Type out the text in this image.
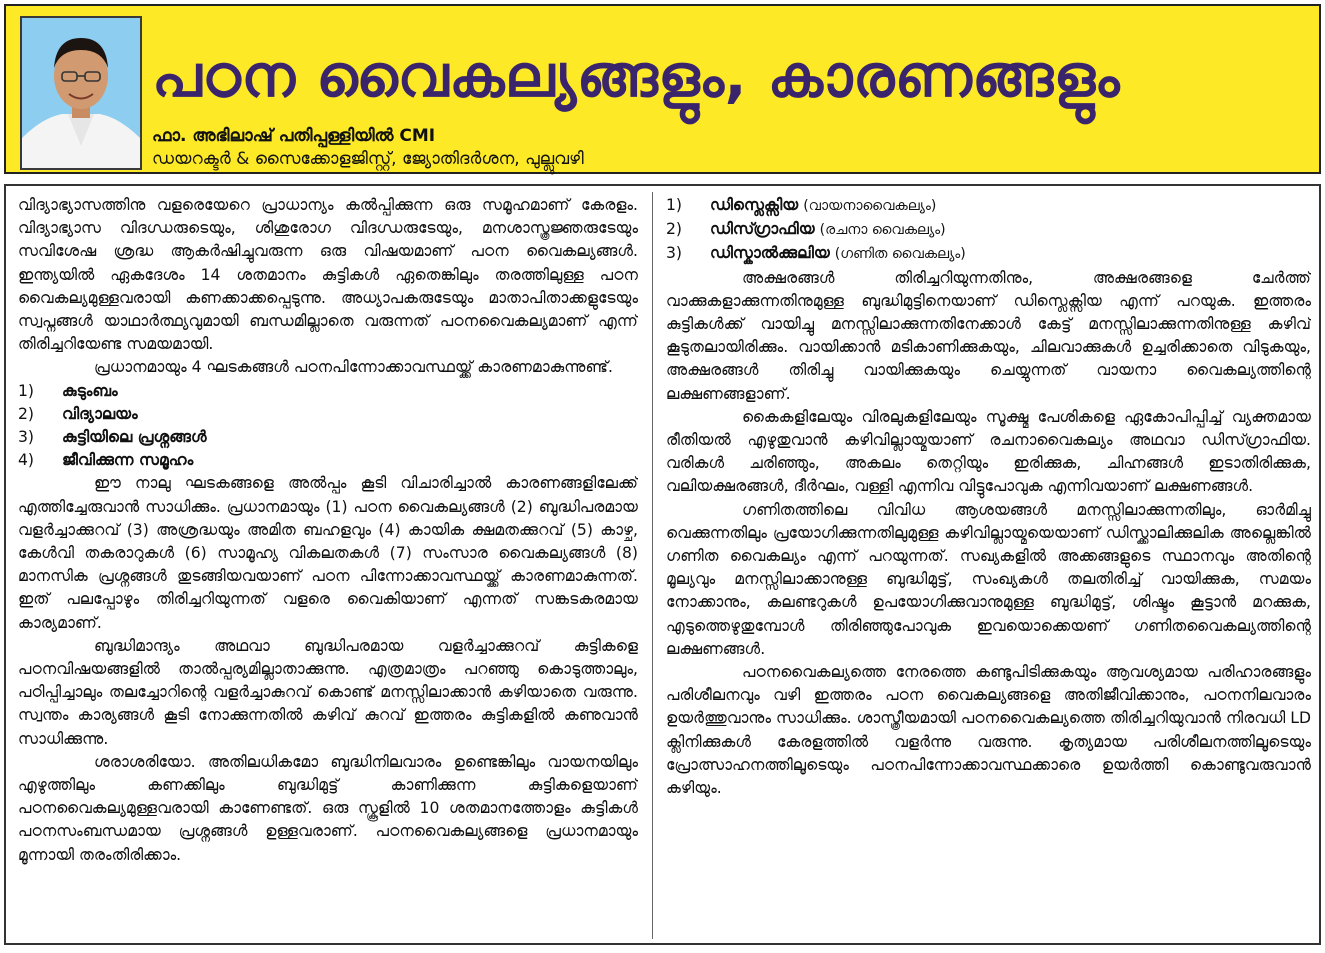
പഠന വൈകല്യങ്ങളും, കാരണങ്ങളും
ഫാ. അഭിലാഷ് പതിപ്പള്ളിയിൽ CMI
ഡയറക്ടർ & സൈക്കോളജിസ്റ്റ്, ജ്യോതിദർശന, പുല്ലുവഴി

വിദ്യാഭ്യാസത്തിനു വളരെയേറെ പ്രാധാന്യം കൽപ്പിക്കുന്ന ഒരു സമൂഹമാണ് കേരളം. വിദ്യാഭ്യാസ വിദഗ്ധരുടെയും, ശിശുരോഗ വിദഗ്ധരുടേയും, മനശാസ്ത്രജ്ഞരുടേയും സവിശേഷ ശ്രദ്ധ ആകർഷിച്ചുവരുന്ന ഒരു വിഷയമാണ് പഠന വൈകല്യങ്ങൾ. ഇന്ത്യയിൽ ഏകദേശം 14 ശതമാനം കുട്ടികൾ ഏതെങ്കിലും തരത്തിലുള്ള പഠന വൈകല്യമുള്ളവരായി കണക്കാക്കപ്പെടുന്നു. അധ്യാപകരുടേയും മാതാപിതാക്കളുടേയും സ്വപ്നങ്ങൾ യാഥാർത്ഥ്യവുമായി ബന്ധമില്ലാതെ വരുന്നത് പഠനവൈകല്യമാണ് എന്ന് തിരിച്ചറിയേണ്ട സമയമായി.

പ്രധാനമായും 4 ഘടകങ്ങൾ പഠനപിന്നോക്കാവസ്ഥയ്ക്ക് കാരണമാകുന്നുണ്ട്.

1)	കുടുംബം
2)	വിദ്യാലയം
3)	കുട്ടിയിലെ പ്രശ്നങ്ങൾ
4)	ജീവിക്കുന്ന സമൂഹം

ഈ നാലു ഘടകങ്ങളെ അൽപ്പം കൂടി വിചാരിച്ചാൽ കാരണങ്ങളിലേക്ക് എത്തിച്ചേരുവാൻ സാധിക്കും. പ്രധാനമായും (1) പഠന വൈകല്യങ്ങൾ (2) ബുദ്ധിപരമായ വളർച്ചാക്കുറവ് (3) അശ്രദ്ധയും അമിത ബഹളവും (4) കായിക ക്ഷമതക്കുറവ് (5) കാഴ്ച, കേൾവി തകരാറുകൾ (6) സാമൂഹ്യ വികലതകൾ (7) സംസാര വൈകല്യങ്ങൾ (8) മാനസിക പ്രശ്നങ്ങൾ തുടങ്ങിയവയാണ് പഠന പിന്നോക്കാവസ്ഥയ്ക്ക് കാരണമാകുന്നത്. ഇത് പലപ്പോഴും തിരിച്ചറിയുന്നത് വളരെ വൈകിയാണ് എന്നത് സങ്കടകരമായ കാര്യമാണ്.

ബുദ്ധിമാന്ദ്യം അഥവാ ബുദ്ധിപരമായ വളർച്ചാക്കുറവ് കുട്ടികളെ പഠനവിഷയങ്ങളിൽ താൽപ്പര്യമില്ലാതാക്കുന്നു. എത്രമാത്രം പറഞ്ഞു കൊടുത്താലും, പഠിപ്പിച്ചാലും തലച്ചോറിന്റെ വളർച്ചാകുറവ് കൊണ്ട് മനസ്സിലാക്കാൻ കഴിയാതെ വരുന്നു. സ്വന്തം കാര്യങ്ങൾ കൂടി നോക്കുന്നതിൽ കഴിവ് കുറവ് ഇത്തരം കുട്ടികളിൽ കണുവാൻ സാധിക്കുന്നു.

ശരാശരിയോ. അതിലധികമോ ബുദ്ധിനിലവാരം ഉണ്ടെങ്കിലും വായനയിലും എഴുത്തിലും കണക്കിലും ബുദ്ധിമുട്ട് കാണിക്കുന്ന കുട്ടികളെയാണ് പഠനവൈകല്യമുള്ളവരായി കാണേണ്ടത്. ഒരു സ്കൂളിൽ 10 ശതമാനത്തോളം കുട്ടികൾ പഠനസംബന്ധമായ പ്രശ്നങ്ങൾ ഉള്ളവരാണ്. പഠനവൈകല്യങ്ങളെ പ്രധാനമായും മൂന്നായി തരംതിരിക്കാം.

1)	ഡിസ്ലെക്സിയ (വായനാവൈകല്യം)
2)	ഡിസ്ഗ്രാഫിയ (രചനാ വൈകല്യം)
3)	ഡിസ്കാൽക്കുലിയ (ഗണിത വൈകല്യം)

അക്ഷരങ്ങൾ തിരിച്ചറിയുന്നതിനും, അക്ഷരങ്ങളെ ചേർത്ത് വാക്കുകളാക്കുന്നതിനുമുള്ള ബുദ്ധിമുട്ടിനെയാണ് ഡിസ്ലെക്സിയ എന്ന് പറയുക. ഇത്തരം കുട്ടികൾക്ക് വായിച്ചു മനസ്സിലാക്കുന്നതിനേക്കാൾ കേട്ട് മനസ്സിലാക്കുന്നതിനുള്ള കഴിവ് കൂടുതലായിരിക്കും. വായിക്കാൻ മടികാണിക്കുകയും, ചിലവാക്കുകൾ ഉച്ചരിക്കാതെ വിടുകയും, അക്ഷരങ്ങൾ തിരിച്ചു വായിക്കുകയും ചെയ്യുന്നത് വായനാ വൈകല്യത്തിന്റെ ലക്ഷണങ്ങളാണ്.

കൈകളിലേയും വിരലുകളിലേയും സൂക്ഷ്മ പേശികളെ ഏകോപിപ്പിച്ച് വ്യക്തമായ രീതിയൽ എഴുതുവാൻ കഴിവില്ലായ്മയാണ് രചനാവൈകല്യം അഥവാ ഡിസ്ഗ്രാഫിയ. വരികൾ ചരിഞ്ഞും, അകലം തെറ്റിയും ഇരിക്കുക, ചിഹ്നങ്ങൾ ഇടാതിരിക്കുക, വലിയക്ഷരങ്ങൾ, ദീർഘം, വള്ളി എന്നിവ വിട്ടുപോവുക എന്നിവയാണ് ലക്ഷണങ്ങൾ.

ഗണിതത്തിലെ വിവിധ ആശയങ്ങൾ മനസ്സിലാക്കുന്നതിലും, ഓർമിച്ചു വെക്കുന്നതിലും പ്രയോഗിക്കുന്നതിലുമുള്ള കഴിവില്ലായ്മയെയാണ് ഡിസ്ക്കാലിക്കുലിക അല്ലെങ്കിൽ ഗണിത വൈകല്യം എന്ന് പറയുന്നത്. സഖ്യകളിൽ അക്കങ്ങളുടെ സ്ഥാനവും അതിന്റെ മൂല്യവും മനസ്സിലാക്കാനുള്ള ബുദ്ധിമുട്ട്, സംഖ്യകൾ തലതിരിച്ച് വായിക്കുക, സമയം നോക്കാനും, കലണ്ടറുകൾ ഉപയോഗിക്കുവാനുമുള്ള ബുദ്ധിമുട്ട്, ശിഷ്ടം കൂട്ടാൻ മറക്കുക, എടുത്തെഴുതുമ്പോൾ തിരിഞ്ഞുപോവുക ഇവയൊക്കെയണ് ഗണിതവൈകല്യത്തിന്റെ ലക്ഷണങ്ങൾ.

പഠനവൈകല്യത്തെ നേരത്തെ കണ്ടുപിടിക്കുകയും ആവശ്യമായ പരിഹാരങ്ങളും പരിശീലനവും വഴി ഇത്തരം പഠന വൈകല്യങ്ങളെ അതിജീവിക്കാനും, പഠനനിലവാരം ഉയർത്തുവാനും സാധിക്കും. ശാസ്ത്രീയമായി പഠനവൈകല്യത്തെ തിരിച്ചറിയുവാൻ നിരവധി LD ക്ലിനിക്കുകൾ കേരളത്തിൽ വളർന്നു വരുന്നു. കൃത്യമായ പരിശീലനത്തിലൂടെയും പ്രോത്സാഹനത്തിലൂടെയും പഠനപിന്നോക്കാവസ്ഥക്കാരെ ഉയർത്തി കൊണ്ടുവരുവാൻ കഴിയും.
